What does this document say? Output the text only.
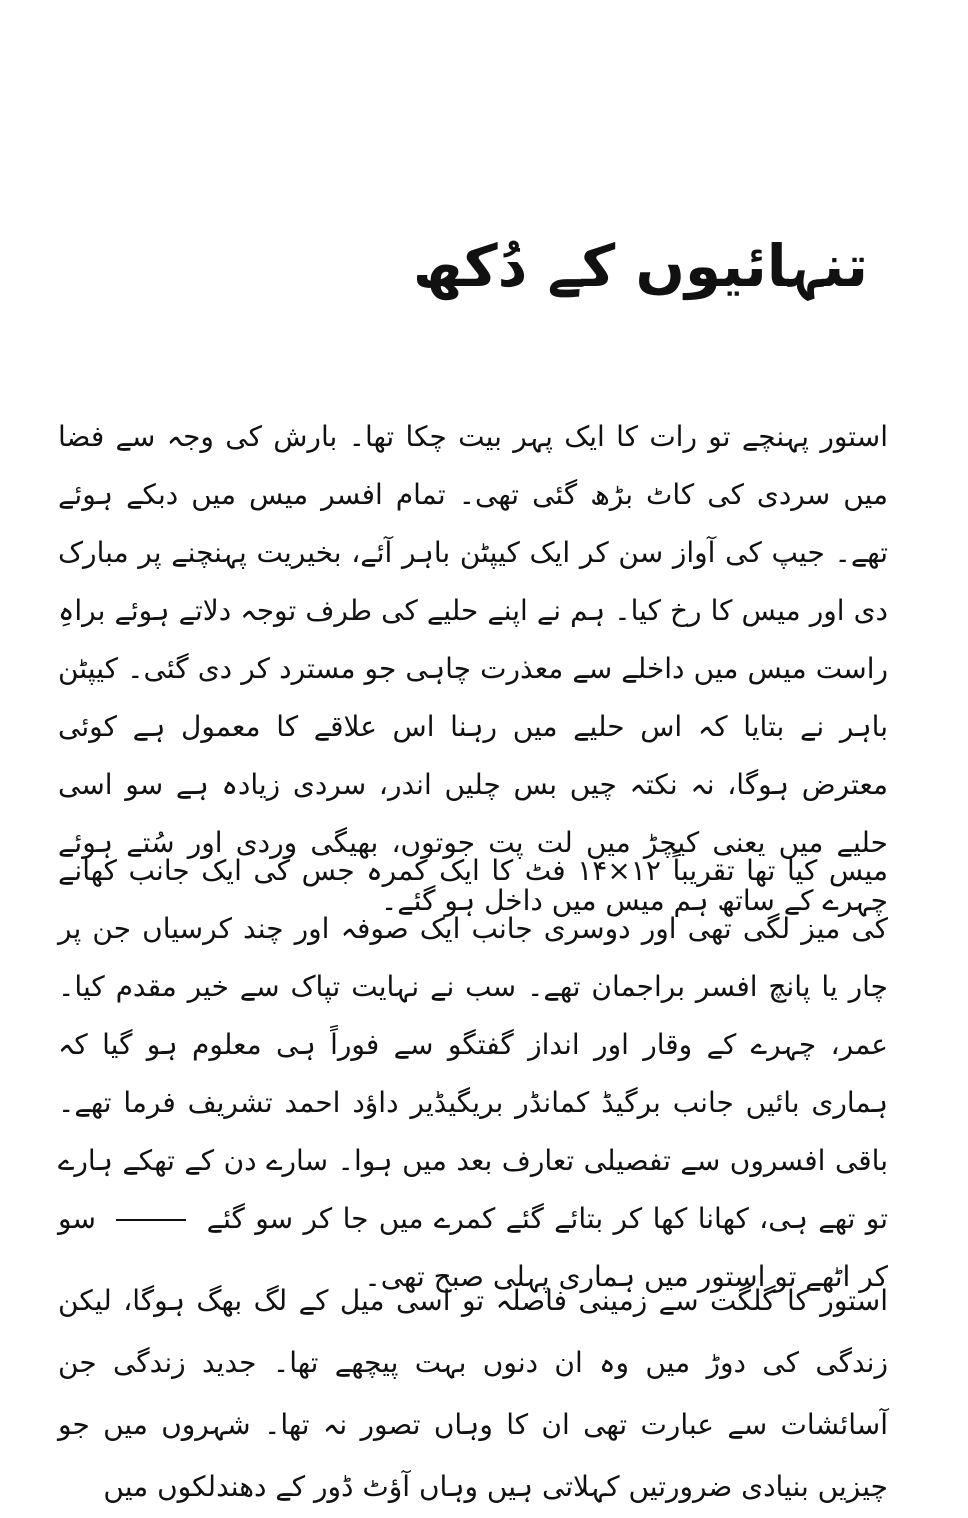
تنہائیوں کے دُکھ

استور پہنچے تو رات کا ایک پہر بیت چکا تھا۔ بارش کی وجہ سے فضا میں سردی کی کاٹ بڑھ گئی تھی۔ تمام افسر میس میں دبکے ہوئے تھے۔ جیپ کی آواز سن کر ایک کیپٹن باہر آئے، بخیریت پہنچنے پر مبارک دی اور میس کا رخ کیا۔ ہم نے اپنے حلیے کی طرف توجہ دلاتے ہوئے براہِ راست میس میں داخلے سے معذرت چاہی جو مسترد کر دی گئی۔ کیپٹن باہر نے بتایا کہ اس حلیے میں رہنا اس علاقے کا معمول ہے کوئی معترض ہوگا، نہ نکتہ چیں بس چلیں اندر، سردی زیادہ ہے سو اسی حلیے میں یعنی کیچڑ میں لت پت جوتوں، بھیگی وردی اور سُتے ہوئے چہرے کے ساتھ ہم میس میں داخل ہو گئے۔

میس کیا تھا تقریباً ۱۲×۱۴ فٹ کا ایک کمرہ جس کی ایک جانب کھانے کی میز لگی تھی اور دوسری جانب ایک صوفہ اور چند کرسیاں جن پر چار یا پانچ افسر براجمان تھے۔ سب نے نہایت تپاک سے خیر مقدم کیا۔ عمر، چہرے کے وقار اور انداز گفتگو سے فوراً ہی معلوم ہو گیا کہ ہماری بائیں جانب برگیڈ کمانڈر بریگیڈیر داؤد احمد تشریف فرما تھے۔ باقی افسروں سے تفصیلی تعارف بعد میں ہوا۔ سارے دن کے تھکے ہارے تو تھے ہی، کھانا کھا کر بتائے گئے کمرے میں جا کر سو گئے  سو کر اٹھے تو استور میں ہماری پہلی صبح تھی۔

استور کا گلگت سے زمینی فاصلہ تو اسی میل کے لگ بھگ ہوگا، لیکن زندگی کی دوڑ میں وہ ان دنوں بہت پیچھے تھا۔ جدید زندگی جن آسائشات سے عبارت تھی ان کا وہاں تصور نہ تھا۔ شہروں میں جو چیزیں بنیادی ضرورتیں کہلاتی ہیں وہاں آؤٹ ڈور کے دھندلکوں میں
